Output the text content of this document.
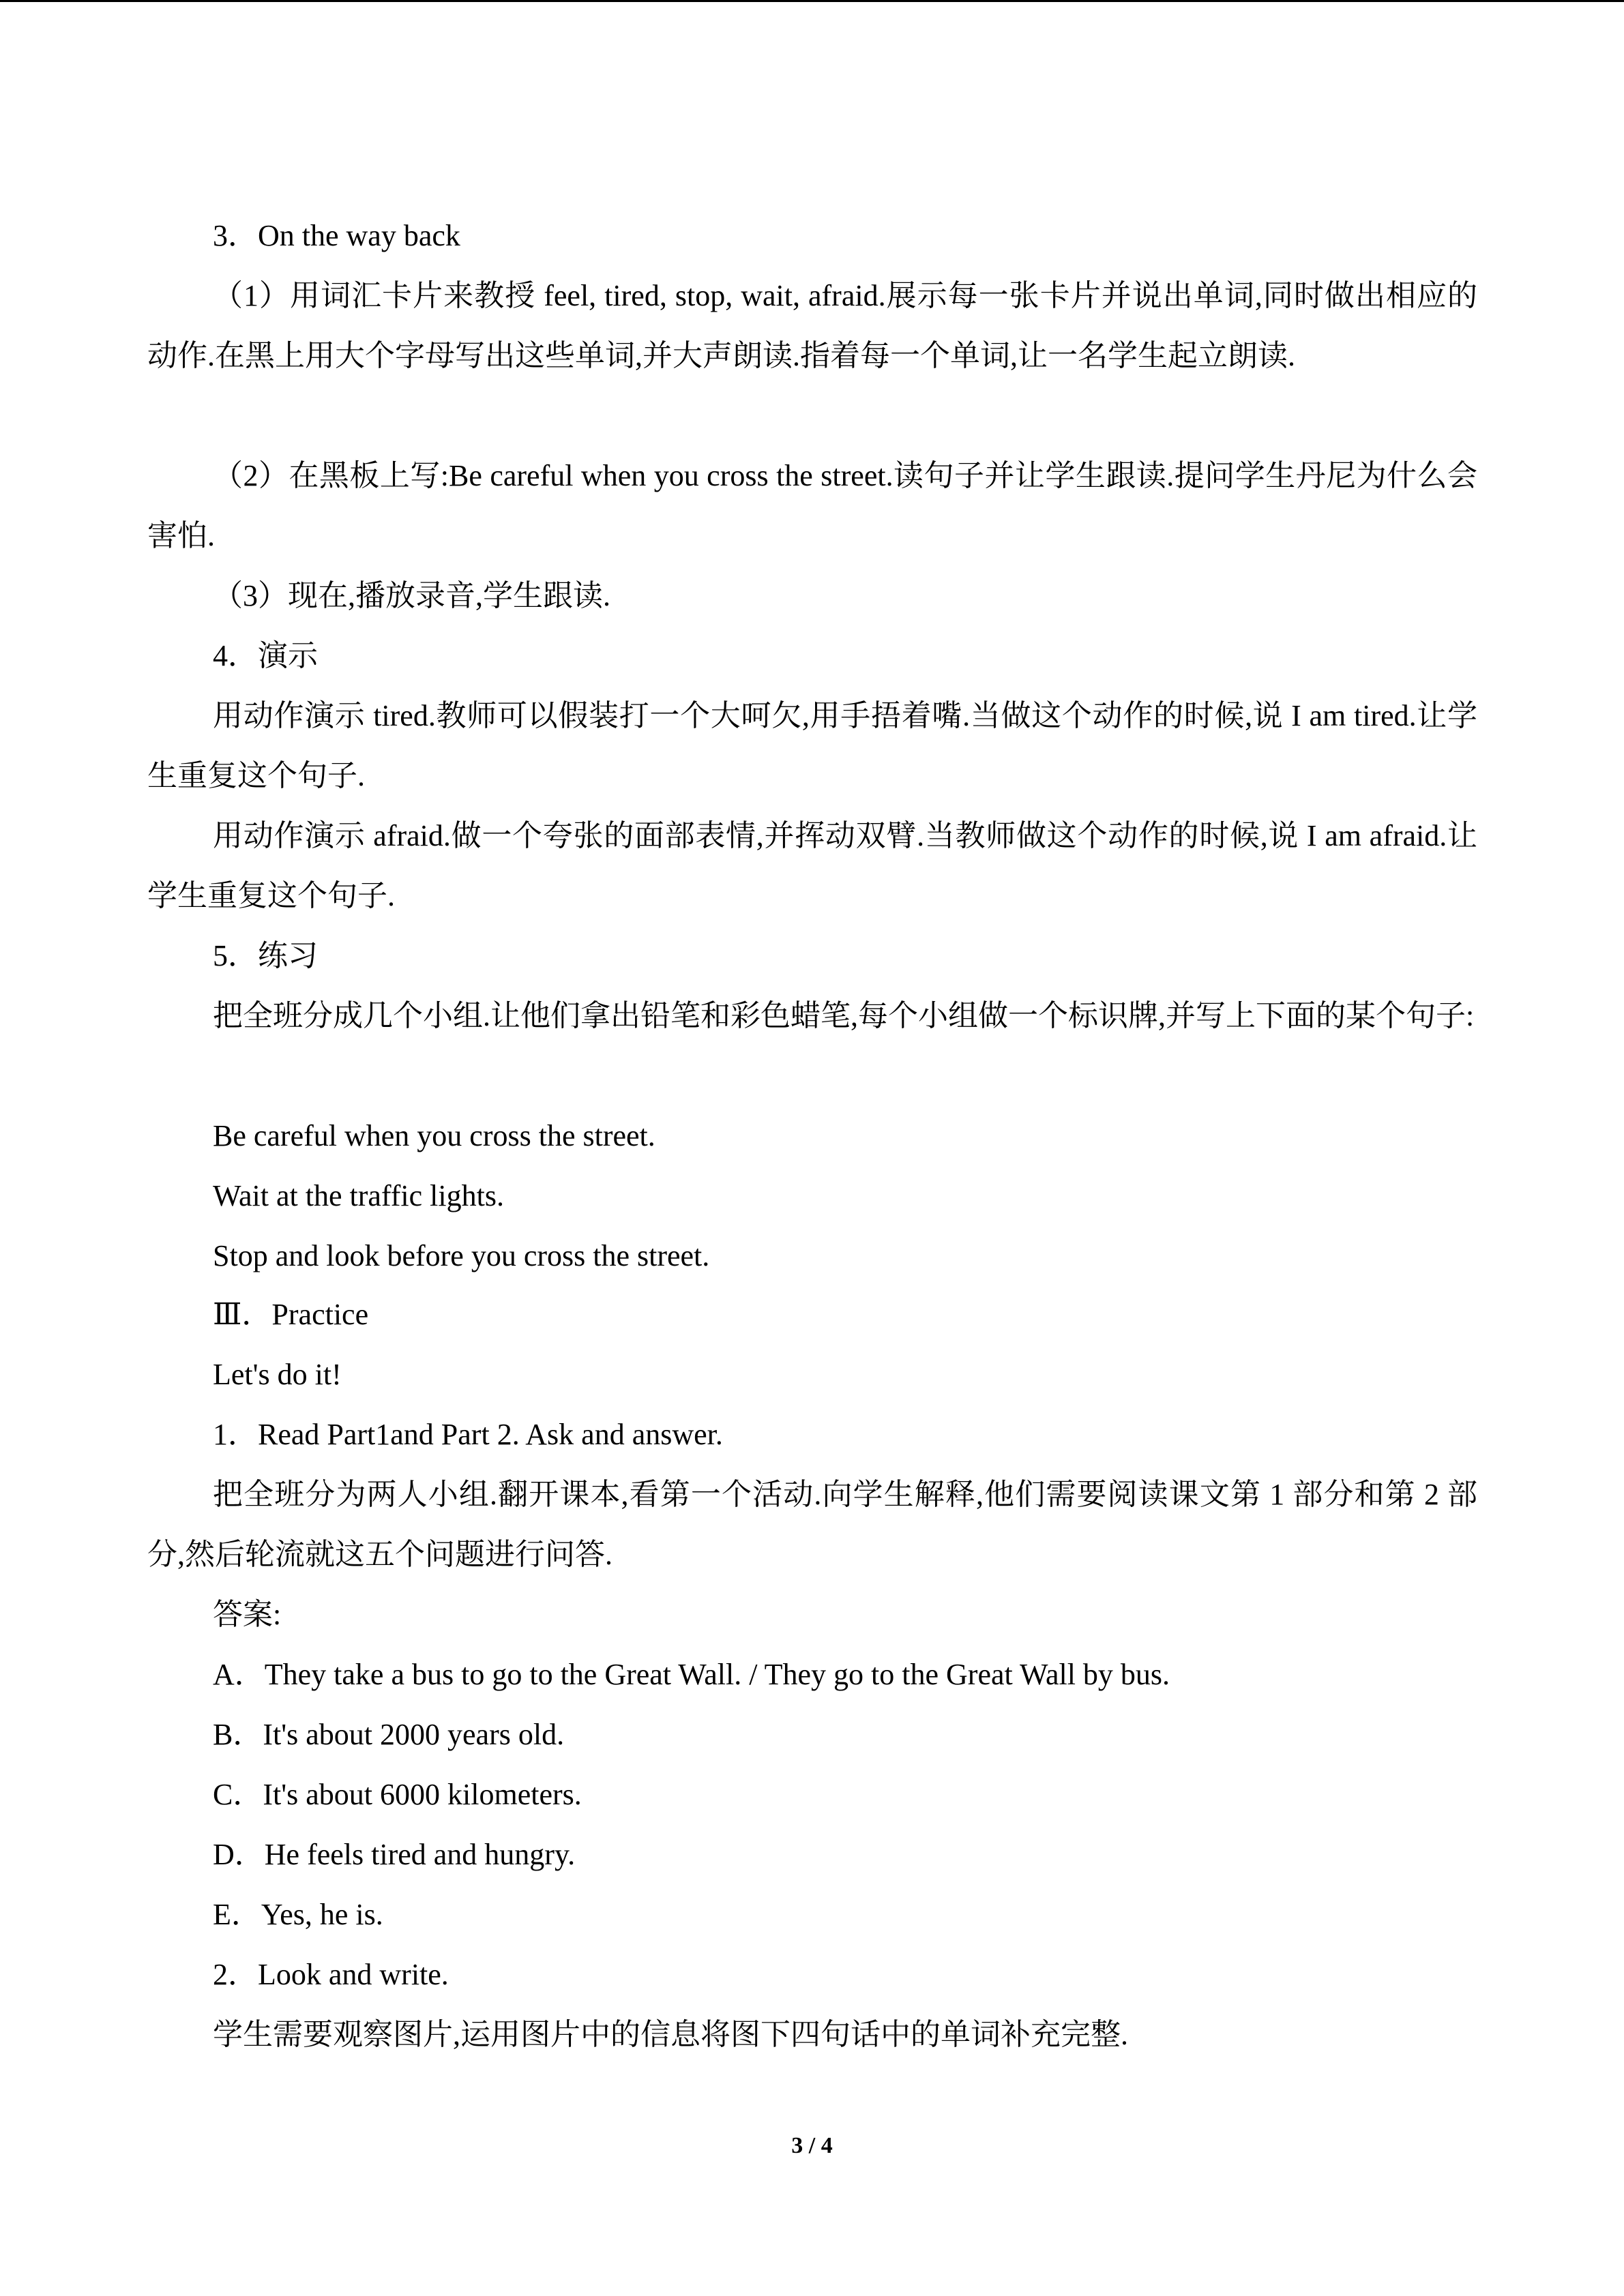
3．On the way back

（1）用词汇卡片来教授 feel, tired, stop, wait, afraid.展示每一张卡片并说出单词,同时做出相应的动作.在黑上用大个字母写出这些单词,并大声朗读.指着每一个单词,让一名学生起立朗读.

（2）在黑板上写:Be careful when you cross the street.读句子并让学生跟读.提问学生丹尼为什么会害怕.

（3）现在,播放录音,学生跟读.

4．演示

用动作演示 tired.教师可以假装打一个大呵欠,用手捂着嘴.当做这个动作的时候,说 I am tired.让学生重复这个句子.

用动作演示 afraid.做一个夸张的面部表情,并挥动双臂.当教师做这个动作的时候,说 I am afraid.让学生重复这个句子.

5．练习

把全班分成几个小组.让他们拿出铅笔和彩色蜡笔,每个小组做一个标识牌,并写上下面的某个句子:

Be careful when you cross the street.

Wait at the traffic lights.

Stop and look before you cross the street.

Ⅲ．Practice

Let's do it!

1．Read Part1and Part 2. Ask and answer.

把全班分为两人小组.翻开课本,看第一个活动.向学生解释,他们需要阅读课文第 1 部分和第 2 部分,然后轮流就这五个问题进行问答.

答案:

A．They take a bus to go to the Great Wall. / They go to the Great Wall by bus.

B．It's about 2000 years old.

C．It's about 6000 kilometers.

D．He feels tired and hungry.

E．Yes, he is.

2．Look and write.

学生需要观察图片,运用图片中的信息将图下四句话中的单词补充完整.

3 / 4
